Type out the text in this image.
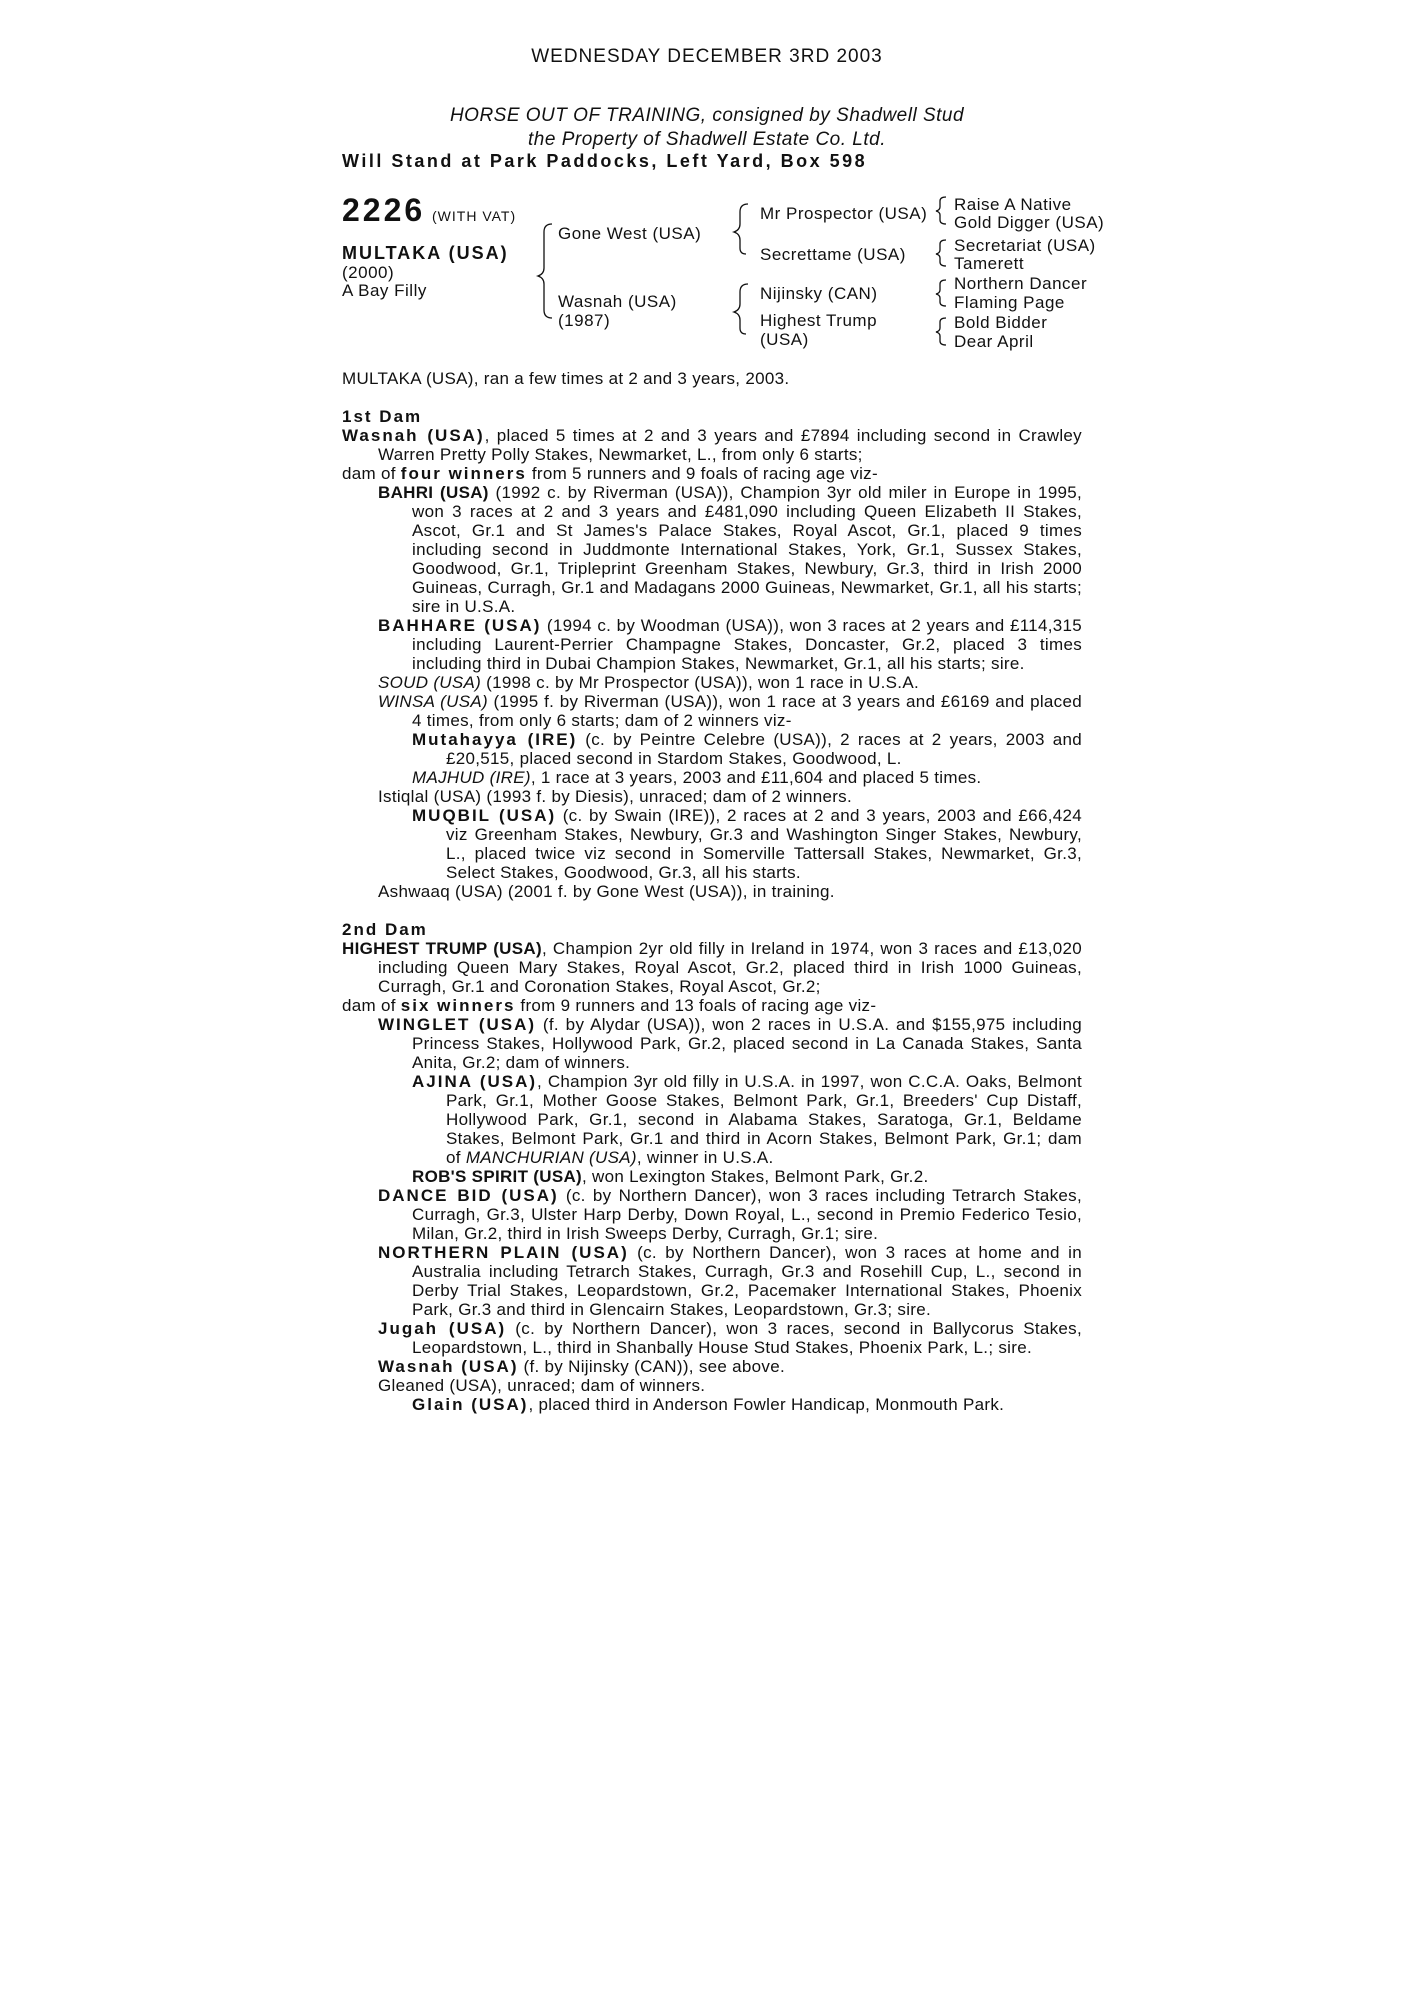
WEDNESDAY DECEMBER 3RD 2003
HORSE OUT OF TRAINING, consigned by Shadwell Stud
the Property of Shadwell Estate Co. Ltd.
Will Stand at Park Paddocks, Left Yard, Box 598
2226 (WITH VAT)
MULTAKA (USA)
(2000)
A Bay Filly
Gone West (USA)
Wasnah (USA)
(1987)
Mr Prospector (USA)
Secrettame (USA)
Nijinsky (CAN)
Highest Trump
(USA)
Raise A Native
Gold Digger (USA)
Secretariat (USA)
Tamerett
Northern Dancer
Flaming Page
Bold Bidder
Dear April
MULTAKA (USA), ran a few times at 2 and 3 years, 2003.
1st Dam
Wasnah (USA), placed 5 times at 2 and 3 years and £7894 including second in Crawley Warren Pretty Polly Stakes, Newmarket, L., from only 6 starts;
dam of four winners from 5 runners and 9 foals of racing age viz-
BAHRI (USA) (1992 c. by Riverman (USA)), Champion 3yr old miler in Europe in 1995, won 3 races at 2 and 3 years and £481,090 including Queen Elizabeth II Stakes, Ascot, Gr.1 and St James's Palace Stakes, Royal Ascot, Gr.1, placed 9 times including second in Juddmonte International Stakes, York, Gr.1, Sussex Stakes, Goodwood, Gr.1, Tripleprint Greenham Stakes, Newbury, Gr.3, third in Irish 2000 Guineas, Curragh, Gr.1 and Madagans 2000 Guineas, Newmarket, Gr.1, all his starts; sire in U.S.A.
BAHHARE (USA) (1994 c. by Woodman (USA)), won 3 races at 2 years and £114,315 including Laurent-Perrier Champagne Stakes, Doncaster, Gr.2, placed 3 times including third in Dubai Champion Stakes, Newmarket, Gr.1, all his starts; sire.
SOUD (USA) (1998 c. by Mr Prospector (USA)), won 1 race in U.S.A.
WINSA (USA) (1995 f. by Riverman (USA)), won 1 race at 3 years and £6169 and placed 4 times, from only 6 starts; dam of 2 winners viz-
Mutahayya (IRE) (c. by Peintre Celebre (USA)), 2 races at 2 years, 2003 and £20,515, placed second in Stardom Stakes, Goodwood, L.
MAJHUD (IRE), 1 race at 3 years, 2003 and £11,604 and placed 5 times.
Istiqlal (USA) (1993 f. by Diesis), unraced; dam of 2 winners.
MUQBIL (USA) (c. by Swain (IRE)), 2 races at 2 and 3 years, 2003 and £66,424 viz Greenham Stakes, Newbury, Gr.3 and Washington Singer Stakes, Newbury, L., placed twice viz second in Somerville Tattersall Stakes, Newmarket, Gr.3, Select Stakes, Goodwood, Gr.3, all his starts.
Ashwaaq (USA) (2001 f. by Gone West (USA)), in training.
2nd Dam
HIGHEST TRUMP (USA), Champion 2yr old filly in Ireland in 1974, won 3 races and £13,020 including Queen Mary Stakes, Royal Ascot, Gr.2, placed third in Irish 1000 Guineas, Curragh, Gr.1 and Coronation Stakes, Royal Ascot, Gr.2;
dam of six winners from 9 runners and 13 foals of racing age viz-
WINGLET (USA) (f. by Alydar (USA)), won 2 races in U.S.A. and $155,975 including Princess Stakes, Hollywood Park, Gr.2, placed second in La Canada Stakes, Santa Anita, Gr.2; dam of winners.
AJINA (USA), Champion 3yr old filly in U.S.A. in 1997, won C.C.A. Oaks, Belmont Park, Gr.1, Mother Goose Stakes, Belmont Park, Gr.1, Breeders' Cup Distaff, Hollywood Park, Gr.1, second in Alabama Stakes, Saratoga, Gr.1, Beldame Stakes, Belmont Park, Gr.1 and third in Acorn Stakes, Belmont Park, Gr.1; dam of MANCHURIAN (USA), winner in U.S.A.
ROB'S SPIRIT (USA), won Lexington Stakes, Belmont Park, Gr.2.
DANCE BID (USA) (c. by Northern Dancer), won 3 races including Tetrarch Stakes, Curragh, Gr.3, Ulster Harp Derby, Down Royal, L., second in Premio Federico Tesio, Milan, Gr.2, third in Irish Sweeps Derby, Curragh, Gr.1; sire.
NORTHERN PLAIN (USA) (c. by Northern Dancer), won 3 races at home and in Australia including Tetrarch Stakes, Curragh, Gr.3 and Rosehill Cup, L., second in Derby Trial Stakes, Leopardstown, Gr.2, Pacemaker International Stakes, Phoenix Park, Gr.3 and third in Glencairn Stakes, Leopardstown, Gr.3; sire.
Jugah (USA) (c. by Northern Dancer), won 3 races, second in Ballycorus Stakes, Leopardstown, L., third in Shanbally House Stud Stakes, Phoenix Park, L.; sire.
Wasnah (USA) (f. by Nijinsky (CAN)), see above.
Gleaned (USA), unraced; dam of winners.
Glain (USA), placed third in Anderson Fowler Handicap, Monmouth Park.
